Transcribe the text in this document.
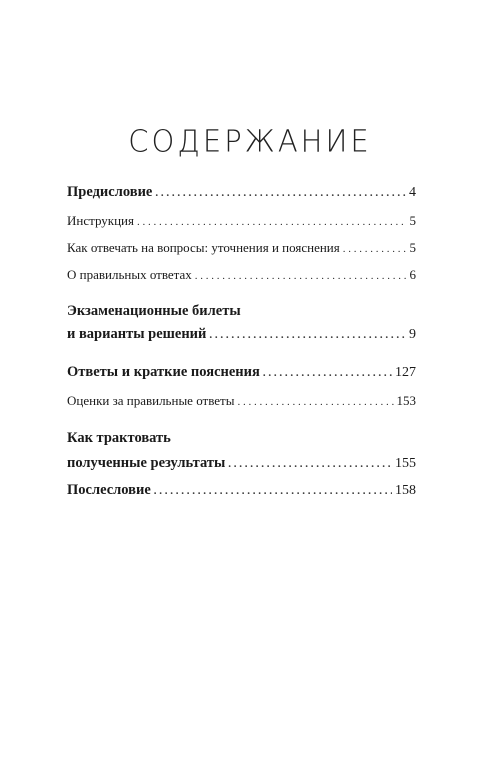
СОДЕРЖАНИЕ
Предисловие . . .	4
Инструкция . . .	5
Как отвечать на вопросы: уточнения и пояснения . . .	5
О правильных ответах . . .	6
Экзаменационные билеты
и варианты решений . . .	9
Ответы и краткие пояснения . . .	127
Оценки за правильные ответы . . .	153
Как трактовать
полученные результаты . . .	155
Послесловие . . .	158
